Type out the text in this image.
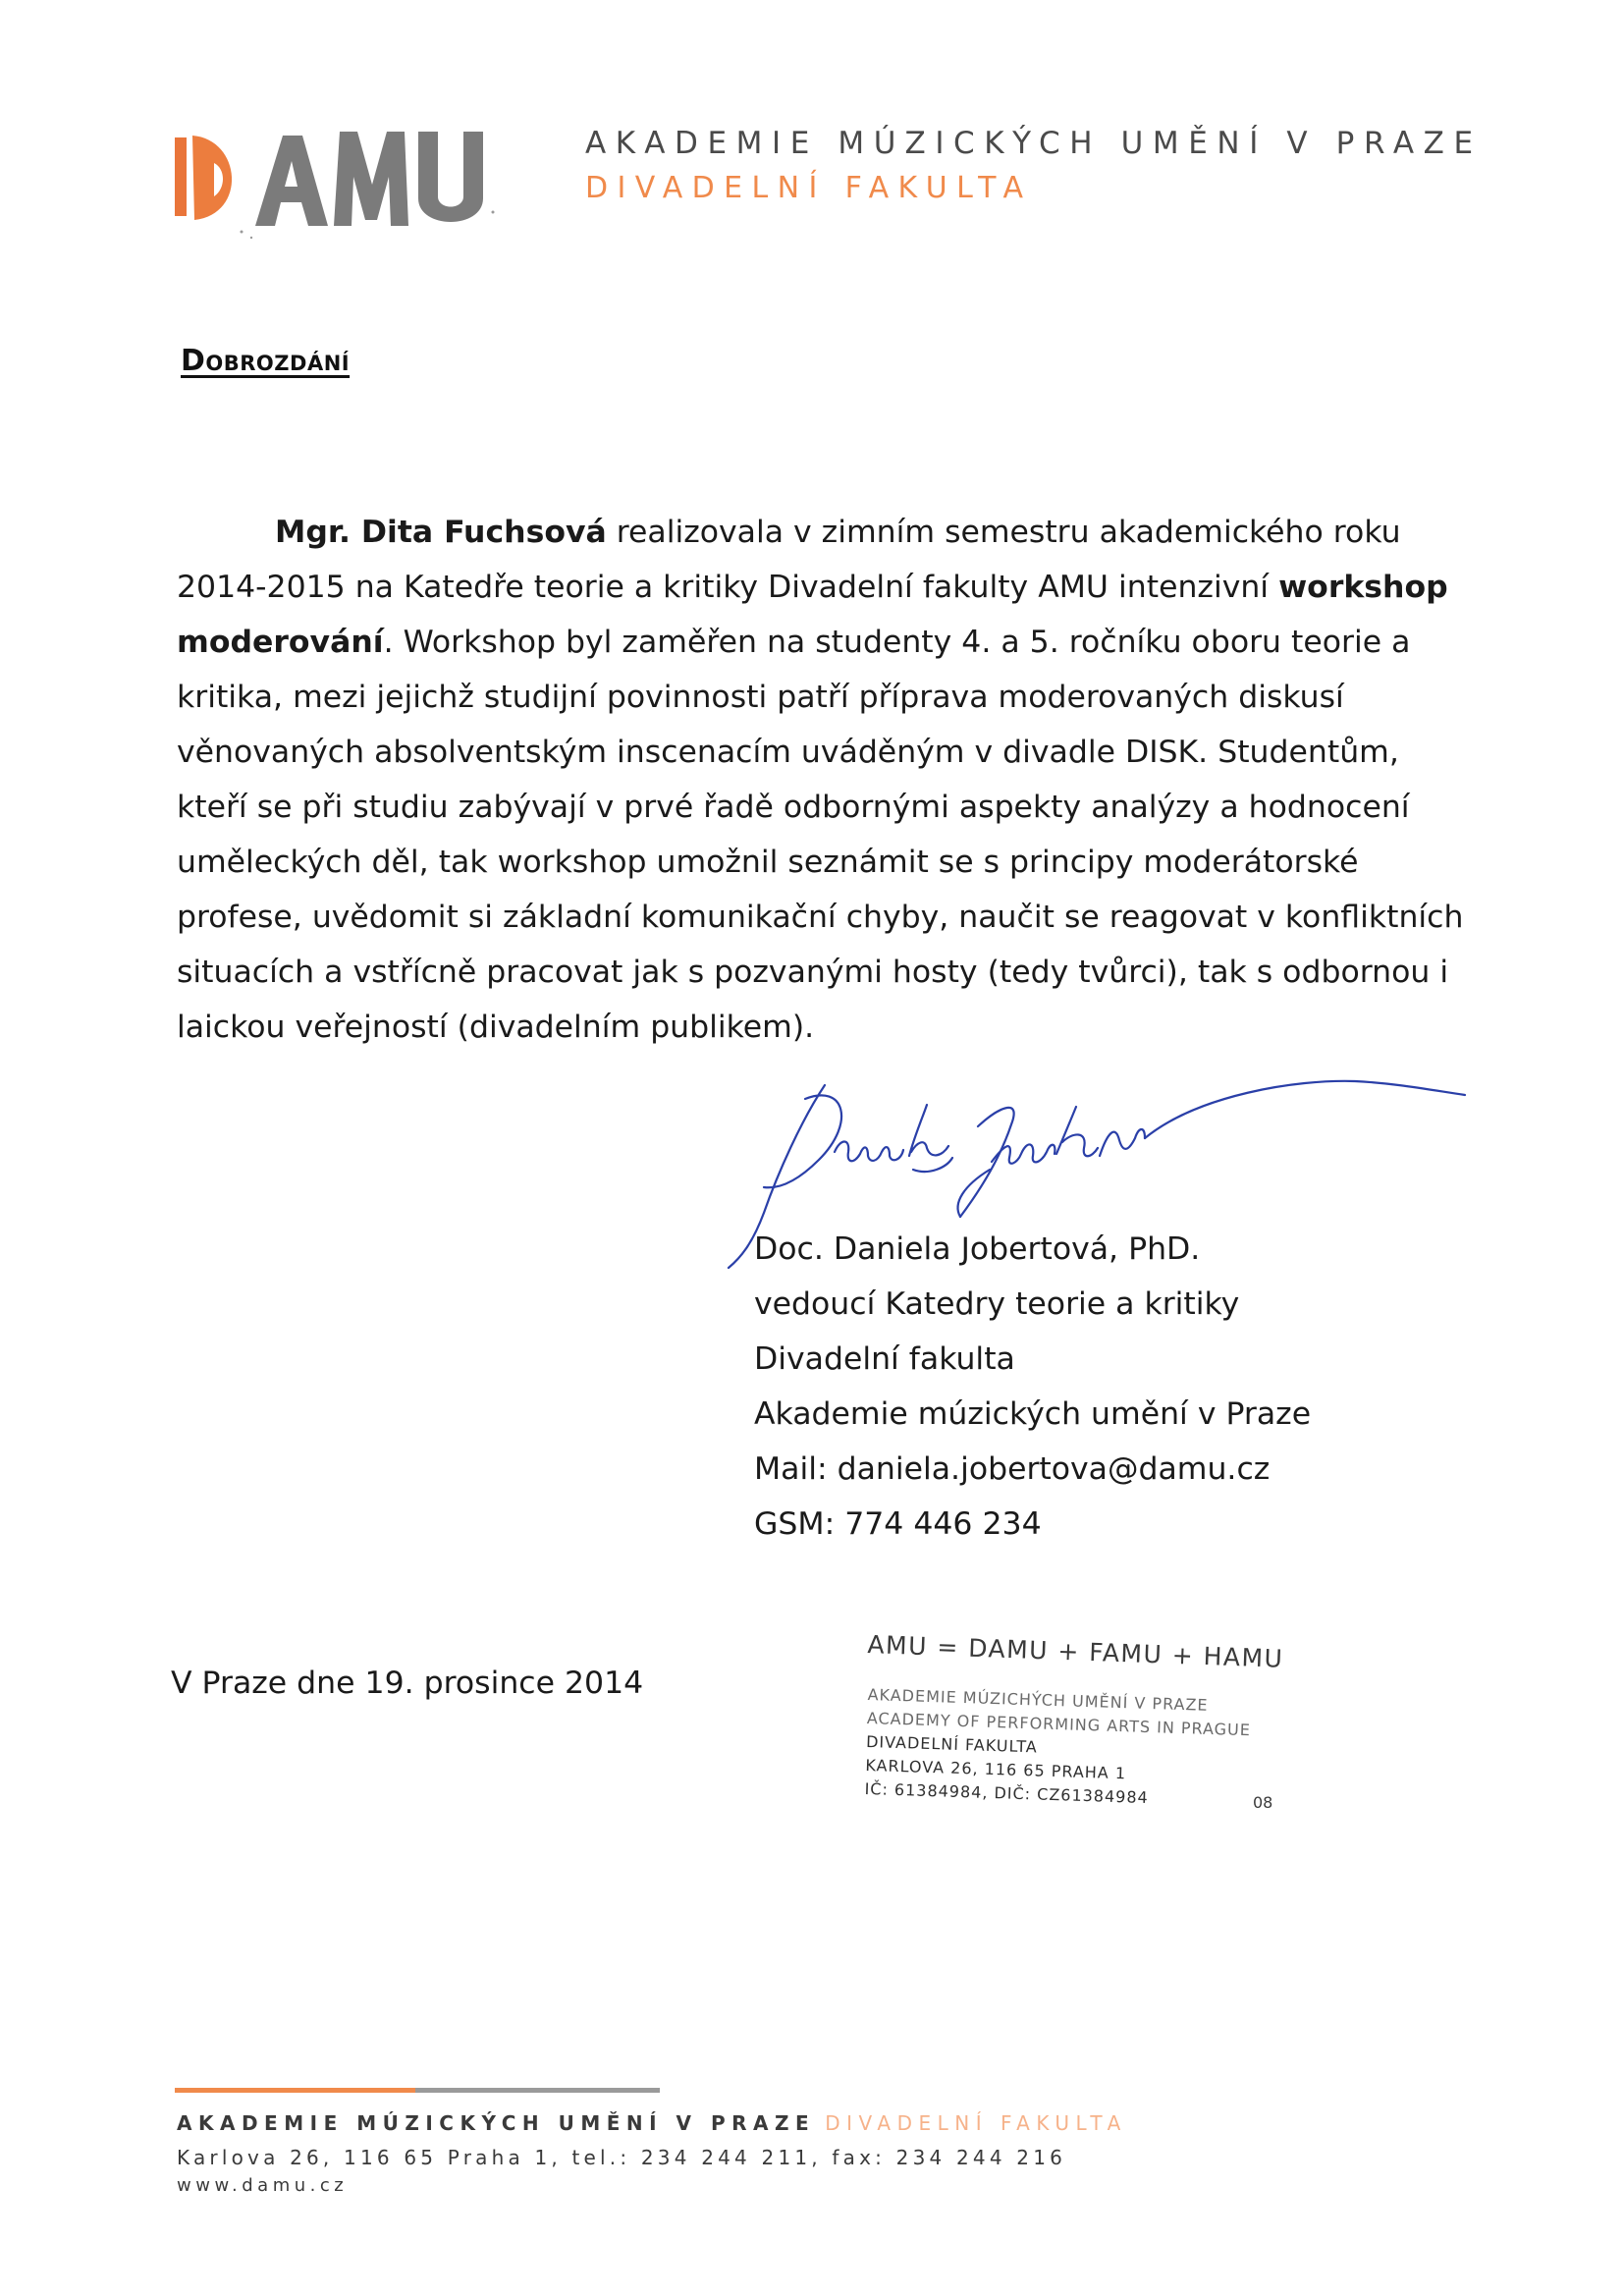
AKADEMIE MÚZICKÝCH UMĚNÍ V PRAZE
DIVADELNÍ FAKULTA
Dobrozdání
Mgr. Dita Fuchsová realizovala v zimním semestru akademického roku
2014-2015 na Katedře teorie a kritiky Divadelní fakulty AMU intenzivní workshop
moderování. Workshop byl zaměřen na studenty 4. a 5. ročníku oboru teorie a
kritika, mezi jejichž studijní povinnosti patří příprava moderovaných diskusí
věnovaných absolventským inscenacím uváděným v divadle DISK. Studentům,
kteří se při studiu zabývají v prvé řadě odbornými aspekty analýzy a hodnocení
uměleckých děl, tak workshop umožnil seznámit se s principy moderátorské
profese, uvědomit si základní komunikační chyby, naučit se reagovat v konfliktních
situacích a vstřícně pracovat jak s pozvanými hosty (tedy tvůrci), tak s odbornou i
laickou veřejností (divadelním publikem).
Doc. Daniela Jobertová, PhD.
vedoucí Katedry teorie a kritiky
Divadelní fakulta
Akademie múzických umění v Praze
Mail: daniela.jobertova@damu.cz
GSM: 774 446 234
V Praze dne 19. prosince 2014
AMU = DAMU + FAMU + HAMU
AKADEMIE MÚZICHÝCH UMĚNÍ V PRAZE
ACADEMY OF PERFORMING ARTS IN PRAGUE
DIVADELNÍ FAKULTA
KARLOVA 26, 116 65 PRAHA 1
IČ: 61384984, DIČ: CZ61384984	08
AKADEMIE MÚZICKÝCH UMĚNÍ V PRAZE DIVADELNÍ FAKULTA
Karlova 26, 116 65 Praha 1, tel.: 234 244 211, fax: 234 244 216
www.damu.cz
